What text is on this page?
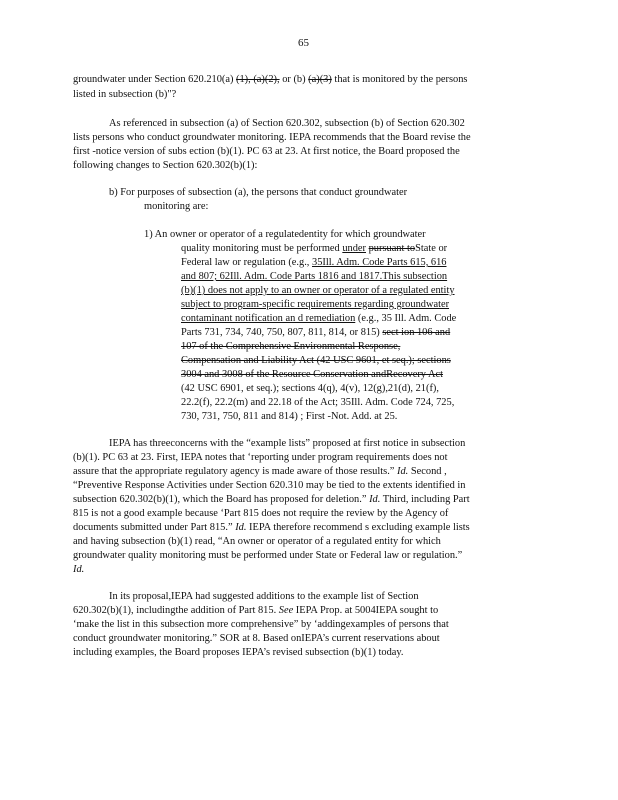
65
groundwater under Section 620.210(a) (1), (a)(2), or (b) (a)(3) that is monitored by the persons
listed in subsection (b)"?
As referenced in subsection (a) of Section 620.302, subsection (b) of Section 620.302
lists persons who conduct groundwater monitoring. IEPA recommends that the Board revise the
first -notice version of subs ection (b)(1). PC 63 at 23. At first notice, the Board proposed the
following changes to Section 620.302(b)(1):
b) For purposes of subsection (a), the persons that conduct groundwater
monitoring are:
1) An owner or operator of a regulatedentity for which groundwater
quality monitoring must be performed under pursuant toState or
Federal law or regulation (e.g., 35Ill. Adm. Code Parts 615, 616
and 807; 62Ill. Adm. Code Parts 1816 and 1817.This subsection
(b)(1) does not apply to an owner or operator of a regulated entity
subject to program-specific requirements regarding groundwater
contaminant notification an d remediation (e.g., 35 Ill. Adm. Code
Parts 731, 734, 740, 750, 807, 811, 814, or 815) sect ion 106 and
107 of the Comprehensive Environmental Response,
Compensation and Liability Act (42 USC 9601, et seq.); sections
3004 and 3008 of the Resource Conservation andRecovery Act
(42 USC 6901, et seq.); sections 4(q), 4(v), 12(g),21(d), 21(f),
22.2(f), 22.2(m) and 22.18 of the Act; 35Ill. Adm. Code 724, 725,
730, 731, 750, 811 and 814) ; First -Not. Add. at 25.
IEPA has threeconcerns with the “example lists” proposed at first notice in subsection
(b)(1). PC 63 at 23. First, IEPA notes that ‘reporting under program requirements does not
assure that the appropriate regulatory agency is made aware of those results.” Id. Second ,
“Preventive Response Activities under Section 620.310 may be tied to the extents identified in
subsection 620.302(b)(1), which the Board has proposed for deletion.” Id. Third, including Part
815 is not a good example because ‘Part 815 does not require the review by the Agency of
documents submitted under Part 815.” Id. IEPA therefore recommend s excluding example lists
and having subsection (b)(1) read, “An owner or operator of a regulated entity for which
groundwater quality monitoring must be performed under State or Federal law or regulation.”
Id.
In its proposal,IEPA had suggested additions to the example list of Section
620.302(b)(1), includingthe addition of Part 815. See IEPA Prop. at 5004IEPA sought to
‘make the list in this subsection more comprehensive” by ‘addingexamples of persons that
conduct groundwater monitoring.” SOR at 8. Based onIEPA’s current reservations about
including examples, the Board proposes IEPA’s revised subsection (b)(1) today.
